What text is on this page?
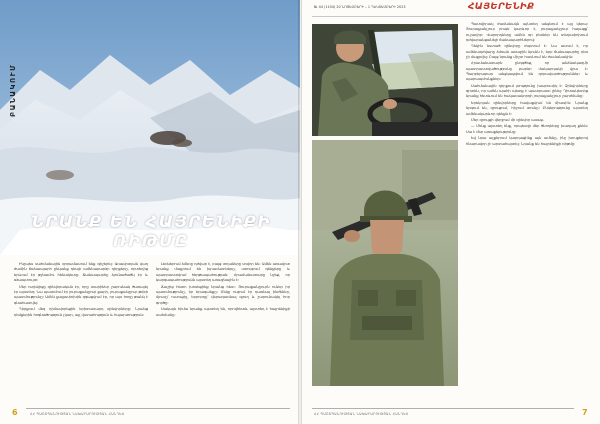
ԲԱՆԱԿՈՒՄ
ՆՐԱՆՔ ԵՆ ՀԱՅՐԵՆԻՔԻ ՌԻԹՄԸ

Ինչպես սահմանային զորամասում ենք գիշերել։ Առավոտյան վաղ ժամին ճանապարհ ընկանք դեպի ամենաբարձր դիրքերը, որտեղից երևում էր թշնամու հենակետը։ Ճանապարհը ձյունածածկ էր և օձապտույտ։

Մեր ուղեկիցը զինվորական էր, որը տարիներ շարունակ ծառայել էր այստեղ։ Նա պատմում էր յուրաքանչյուր քարի, յուրաքանչյուր թմբի պատմությունը։ Ամեն քայլափոխին զգացվում էր, որ այս հողը թանկ է գնահատվել։

Դիրքում մեզ դիմավորեցին երիտասարդ զինվորները։ Նրանց դեմքերին հոգնածություն չկար, այլ վստահություն և հպարտություն։

Լեռներում ձմեռը դժվար է, բայց տղաները սովոր են։ Ամեն առավոտ նրանք մաքրում են խրամատները, ստուգում զենքերը և պատրաստվում հերթապահության։ Հրամանատարը նշեց, որ կարգապահությունն այստեղ առաջնային է։

Ճաշից հետո խոսեցինք նրանց հետ։ Յուրաքանչյուրն ուներ իր պատմությունը, իր երազանքը։ Մեկը ուզում էր դառնալ ինժեներ, մյուսը՝ ուսուցիչ, երրորդը՝ վերադառնալ գյուղ և շարունակել հոր գործը։

Սակայն հիմա նրանք այստեղ են, որովհետև այստեղ է հայրենիքի սահմանը։

6	ՀՀ ՊԱՇՏՊԱՆՈՒԹՅԱՆ ՆԱԽԱՐԱՐՈՒԹՅԱՆ ՀԱՆԴԵՍ
№ 44 (1104) 20 ՆՈՅԵՄԲԵՐԻ – 1 ԴԵԿՏԵՄԲԵՐԻ 2023	ՀԱՅԵՐԵՆԻՔ

Պատվիրակ ժամանակն այնտեղ անցնում է այլ կերպ։ Յուրաքանչյուր րոպե կարևոր է, յուրաքանչյուր հայացք՝ ուշադիր։ Վարորդները ամեն օր բեռներ են տեղափոխում դժվարանցանելի ճանապարհներով։

Ղեկին նստած զինվորը ժպտում է։ Նա ասում է, որ ամենադժվարը ձմռան առաջին ձյունն է, երբ ճանապարհը դեռ չի մաքրվել։ Բայց նրանք միշտ հասնում են ժամանակին։

Հրամանատարն ընդգծեց, որ անձնակազմի պատրաստվածությունը բարձր մակարդակի վրա է։ Պարբերաբար անցկացվում են զորավարժություններ և պարապմունքներ։

Սահմանային դիրքում լռությունը խաբուսիկ է։ Զինվորները գիտեն, որ ամեն պահի պետք է պատրաստ լինել։ Դիտակետից նրանք հետևում են հակառակորդի յուրաքանչյուր շարժմանը։

Երեկոյան զինվորները հավաքվում են միասին։ Նրանք երգում են, զրուցում, հիշում տունը։ Ընկերությունը այստեղ ամենակարևոր զենքն է։

Մեր զրույցի վերջում մի զինվոր ասաց.

— Մենք այստեղ ենք, որպեսզի մեր ծնողները խաղաղ քնեն։ Սա է մեր առաքելությունը։

Եվ նրա աչքերում կարդացինք այն ամենը, ինչ խոսքերով հնարավոր չէ արտահայտել։ Նրանք են հայրենիքի ռիթմը։

ՀՀ ՊԱՇՏՊԱՆՈՒԹՅԱՆ ՆԱԽԱՐԱՐՈՒԹՅԱՆ ՀԱՆԴԵՍ	7
